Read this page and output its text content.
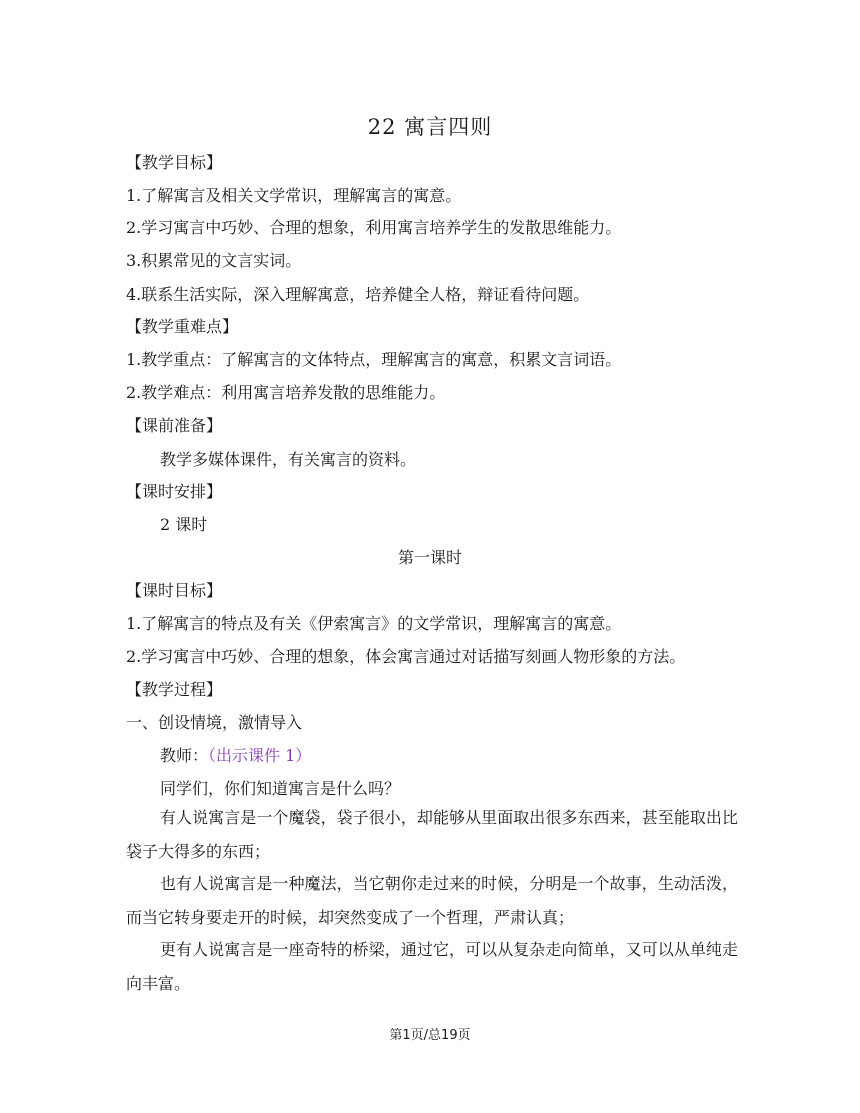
22 寓言四则
【教学目标】
1.了解寓言及相关文学常识，理解寓言的寓意。
2.学习寓言中巧妙、合理的想象，利用寓言培养学生的发散思维能力。
3.积累常见的文言实词。
4.联系生活实际，深入理解寓意，培养健全人格，辩证看待问题。
【教学重难点】
1.教学重点：了解寓言的文体特点，理解寓言的寓意，积累文言词语。
2.教学难点：利用寓言培养发散的思维能力。
【课前准备】
教学多媒体课件，有关寓言的资料。
【课时安排】
2 课时
第一课时
【课时目标】
1.了解寓言的特点及有关《伊索寓言》的文学常识，理解寓言的寓意。
2.学习寓言中巧妙、合理的想象，体会寓言通过对话描写刻画人物形象的方法。
【教学过程】
一、创设情境，激情导入
教师：（出示课件 1）
同学们，你们知道寓言是什么吗？
有人说寓言是一个魔袋，袋子很小，却能够从里面取出很多东西来，甚至能取出比袋子大得多的东西；
也有人说寓言是一种魔法，当它朝你走过来的时候，分明是一个故事，生动活泼，而当它转身要走开的时候，却突然变成了一个哲理，严肃认真；
更有人说寓言是一座奇特的桥梁，通过它，可以从复杂走向简单，又可以从单纯走向丰富。
第1页/总19页
